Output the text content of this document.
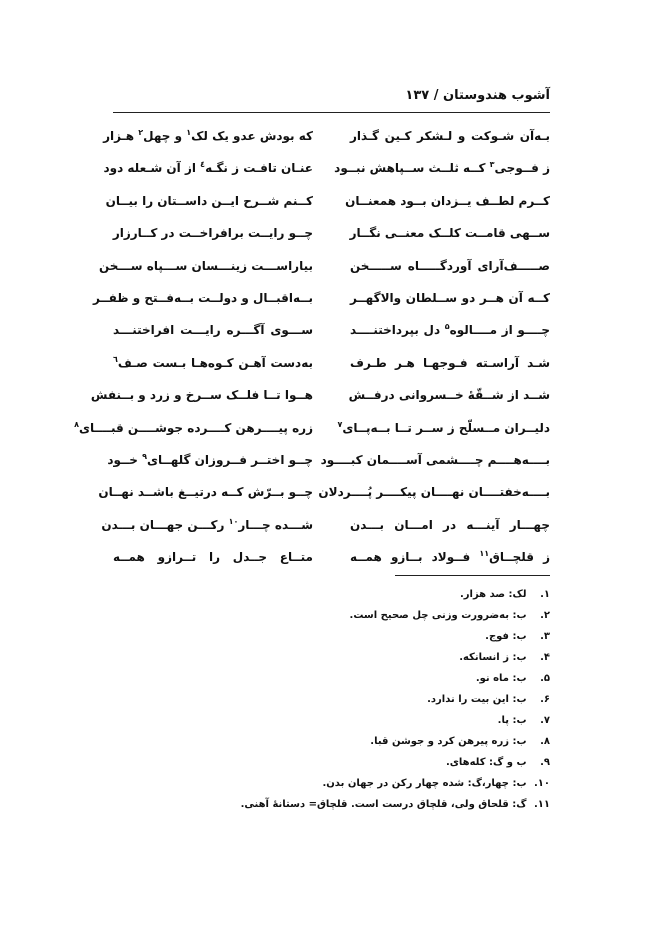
آشوب هندوستان / ۱۳۷
بـه‌آن شـوکت و لـشکر کـین گـذار
که بودش عدو یک لک$^۱$ و چهل$^۲$ هـزار
ز فــوجی$^۳$ کــه ثلــث ســپاهش نبــود
عنـان تافـت ز نگـه$^٤$ از آن شـعله دود
کــرم لطــف یــزدان بــود همعنــان
کــنم شــرح ایــن داســتان را بیــان
ســهی قامــت کلــک معنــی نگــار
چــو رایــت برافراخــت در کــارزار
صـــــف‌آرای آوردگـــــاه ســـــخن
بیاراســـت زینـــسان ســـپاه ســـخن
کــه آن هــر دو ســلطان والاگهــر
بــه‌اقبــال و دولــت بــه‌فــتح و ظفــر
چــــو از مــــالوه$^۵$ دل بپرداختنــــد
ســـوی آگـــره رایـــت افراختنـــد
شـد آراسـته فـوجهـا هـر طـرف
به‌دست آهـن کـوه‌هـا بـست صـف$^٦$
شــد از شــقّهٔ خــسروانی درفــش
هــوا تــا فلــک ســرخ و زرد و بــنفش
دلیــران مــسلّح ز ســر تــا بــه‌پــای$^۷$
زره پیــــرهن کــــرده جوشــــن قبــــای$^۸$
بــــه‌هــــم چــــشمی آســــمان کبــــود
چــو اختــر فــروزان گلهــای$^۹$ خــود
بــــه‌خفتــــان نهــــان پیکــــر پُــــردلان
چــو بــرّش کــه درتیــغ باشــد نهــان
چهـــار آینـــه در امـــان بـــدن
شـــده چـــار$^{۱۰}$ رکـــن جهـــان بـــدن
ز قلچــاق$^{۱۱}$ فــولاد بــازو همــه
متــاع جــدل را تــرازو همــه
۱. لک: صد هزار.
۲. ب: به‌ضرورت وزنی چل صحیح است.
۳. ب: فوج.
۴. ب: ز انسانکه.
۵. ب: ماه نو.
۶. ب: این بیت را ندارد.
۷. ب: پا.
۸. ب: زره پیرهن کرد و جوشن قبا.
۹. ب و گ: کله‌های.
۱۰. ب: چهار،گ: شده چهار رکن در جهان بدن.
۱۱. گ: قلحاق ولی، قلچاق درست است. قلچاق= دستانهٔ آهنی.
